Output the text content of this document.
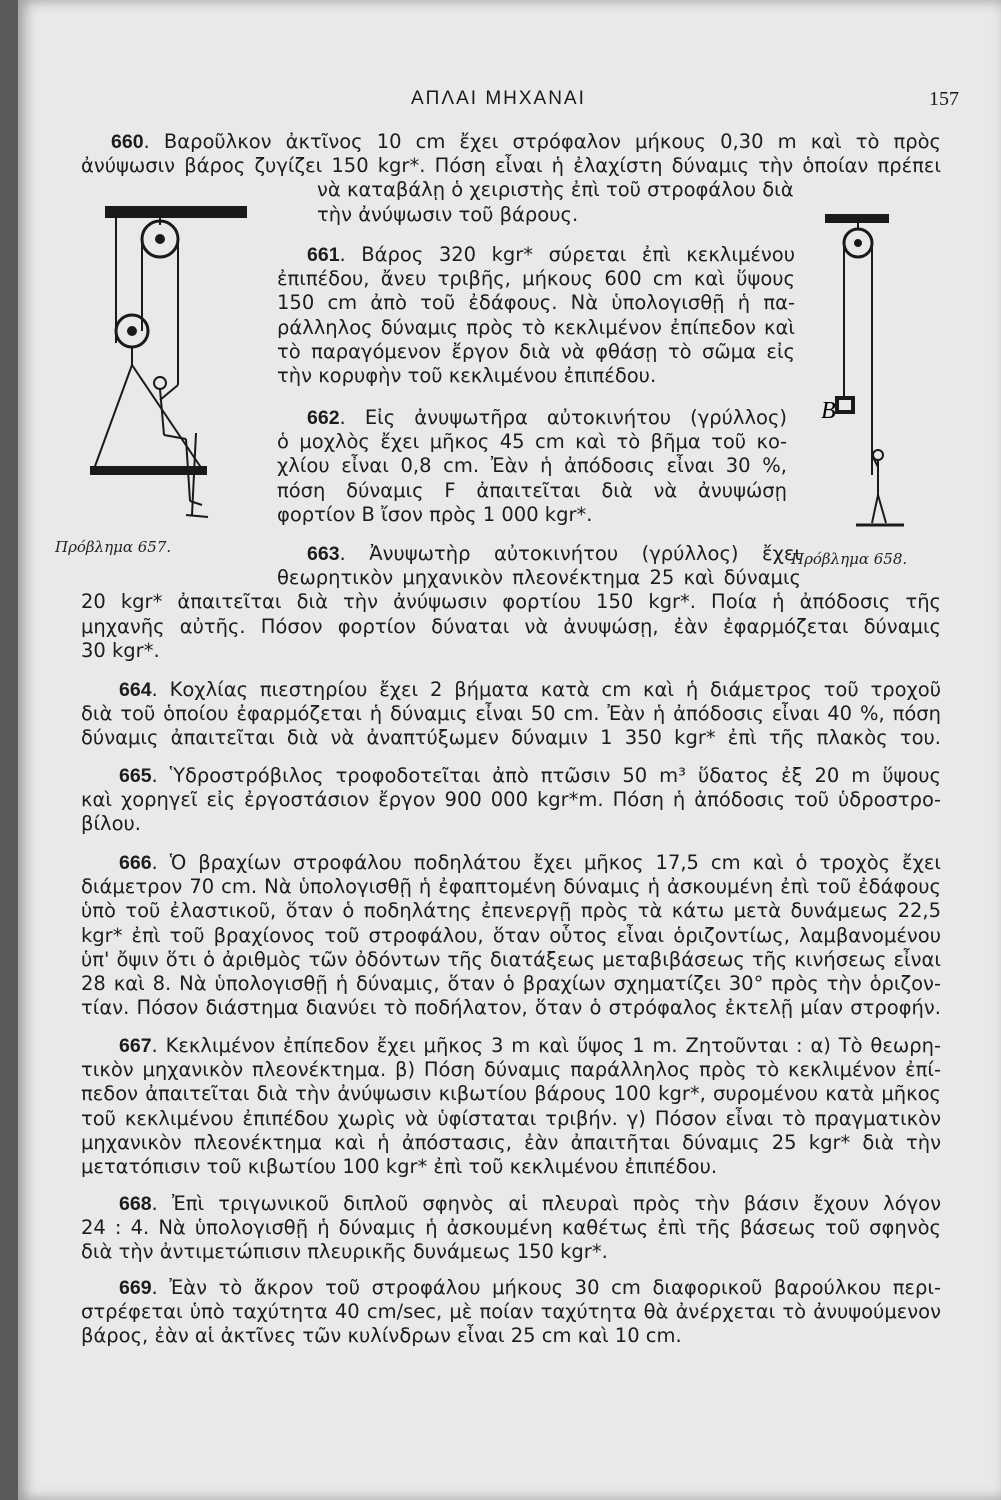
ΑΠΛΑΙ ΜΗΧΑΝΑΙ	157
Πρόβλημα 657.
B
Πρόβλημα 658.
660. Βαροῦλκον ἀκτῖνος 10 cm ἔχει στρόφαλον μήκους 0,30 m καὶ τὸ πρὸς
ἀνύψωσιν βάρος ζυγίζει 150 kgr*. Πόση εἶναι ἡ ἐλαχίστη δύναμις τὴν ὁποίαν πρέπει
νὰ καταβάλῃ ὁ χειριστὴς ἐπὶ τοῦ στροφάλου διὰ
τὴν ἀνύψωσιν τοῦ βάρους.
661. Βάρος 320 kgr* σύρεται ἐπὶ κεκλιμένου
ἐπιπέδου, ἄνευ τριβῆς, μήκους 600 cm καὶ ὕψους
150 cm ἀπὸ τοῦ ἐδάφους. Νὰ ὑπολογισθῇ ἡ πα-
ράλληλος δύναμις πρὸς τὸ κεκλιμένον ἐπίπεδον καὶ
τὸ παραγόμενον ἔργον διὰ νὰ φθάσῃ τὸ σῶμα εἰς
τὴν κορυφὴν τοῦ κεκλιμένου ἐπιπέδου.
662. Εἰς ἀνυψωτῆρα αὐτοκινήτου (γρύλλος)
ὁ μοχλὸς ἔχει μῆκος 45 cm καὶ τὸ βῆμα τοῦ κο-
χλίου εἶναι 0,8 cm. Ἐὰν ἡ ἀπόδοσις εἶναι 30 %,
πόση δύναμις F ἀπαιτεῖται διὰ νὰ ἀνυψώσῃ
φορτίον B ἴσον πρὸς 1 000 kgr*.
663. Ἀνυψωτὴρ αὐτοκινήτου (γρύλλος) ἔχει
θεωρητικὸν μηχανικὸν πλεονέκτημα 25 καὶ δύναμις
20 kgr* ἀπαιτεῖται διὰ τὴν ἀνύψωσιν φορτίου 150 kgr*. Ποία ἡ ἀπόδοσις τῆς
μηχανῆς αὐτῆς. Πόσον φορτίον δύναται νὰ ἀνυψώσῃ, ἐὰν ἐφαρμόζεται δύναμις
30 kgr*.
664. Κοχλίας πιεστηρίου ἔχει 2 βήματα κατὰ cm καὶ ἡ διάμετρος τοῦ τροχοῦ
διὰ τοῦ ὁποίου ἐφαρμόζεται ἡ δύναμις εἶναι 50 cm. Ἐὰν ἡ ἀπόδοσις εἶναι 40 %, πόση
δύναμις ἀπαιτεῖται διὰ νὰ ἀναπτύξωμεν δύναμιν 1 350 kgr* ἐπὶ τῆς πλακὸς του.
665. Ὑδροστρόβιλος τροφοδοτεῖται ἀπὸ πτῶσιν 50 m³ ὕδατος ἐξ 20 m ὕψους
καὶ χορηγεῖ εἰς ἐργοστάσιον ἔργον 900 000 kgr*m. Πόση ἡ ἀπόδοσις τοῦ ὑδροστρο-
βίλου.
666. Ὁ βραχίων στροφάλου ποδηλάτου ἔχει μῆκος 17,5 cm καὶ ὁ τροχὸς ἔχει
διάμετρον 70 cm. Νὰ ὑπολογισθῇ ἡ ἐφαπτομένη δύναμις ἡ ἀσκουμένη ἐπὶ τοῦ ἐδάφους
ὑπὸ τοῦ ἐλαστικοῦ, ὅταν ὁ ποδηλάτης ἐπενεργῇ πρὸς τὰ κάτω μετὰ δυνάμεως 22,5
kgr* ἐπὶ τοῦ βραχίονος τοῦ στροφάλου, ὅταν οὗτος εἶναι ὁριζοντίως, λαμβανομένου
ὑπ' ὄψιν ὅτι ὁ ἀριθμὸς τῶν ὀδόντων τῆς διατάξεως μεταβιβάσεως τῆς κινήσεως εἶναι
28 καὶ 8. Νὰ ὑπολογισθῇ ἡ δύναμις, ὅταν ὁ βραχίων σχηματίζει 30° πρὸς τὴν ὁριζον-
τίαν. Πόσον διάστημα διανύει τὸ ποδήλατον, ὅταν ὁ στρόφαλος ἐκτελῇ μίαν στροφήν.
667. Κεκλιμένον ἐπίπεδον ἔχει μῆκος 3 m καὶ ὕψος 1 m. Ζητοῦνται : α) Τὸ θεωρη-
τικὸν μηχανικὸν πλεονέκτημα. β) Πόση δύναμις παράλληλος πρὸς τὸ κεκλιμένον ἐπί-
πεδον ἀπαιτεῖται διὰ τὴν ἀνύψωσιν κιβωτίου βάρους 100 kgr*, συρομένου κατὰ μῆκος
τοῦ κεκλιμένου ἐπιπέδου χωρὶς νὰ ὑφίσταται τριβήν. γ) Πόσον εἶναι τὸ πραγματικὸν
μηχανικὸν πλεονέκτημα καὶ ἡ ἀπόστασις, ἐὰν ἀπαιτῆται δύναμις 25 kgr* διὰ τὴν
μετατόπισιν τοῦ κιβωτίου 100 kgr* ἐπὶ τοῦ κεκλιμένου ἐπιπέδου.
668. Ἐπὶ τριγωνικοῦ διπλοῦ σφηνὸς αἱ πλευραὶ πρὸς τὴν βάσιν ἔχουν λόγον
24 : 4. Νὰ ὑπολογισθῇ ἡ δύναμις ἡ ἀσκουμένη καθέτως ἐπὶ τῆς βάσεως τοῦ σφηνὸς
διὰ τὴν ἀντιμετώπισιν πλευρικῆς δυνάμεως 150 kgr*.
669. Ἐὰν τὸ ἄκρον τοῦ στροφάλου μήκους 30 cm διαφορικοῦ βαρούλκου περι-
στρέφεται ὑπὸ ταχύτητα 40 cm/sec, μὲ ποίαν ταχύτητα θὰ ἀνέρχεται τὸ ἀνυψούμενον
βάρος, ἐὰν αἱ ἀκτῖνες τῶν κυλίνδρων εἶναι 25 cm καὶ 10 cm.
